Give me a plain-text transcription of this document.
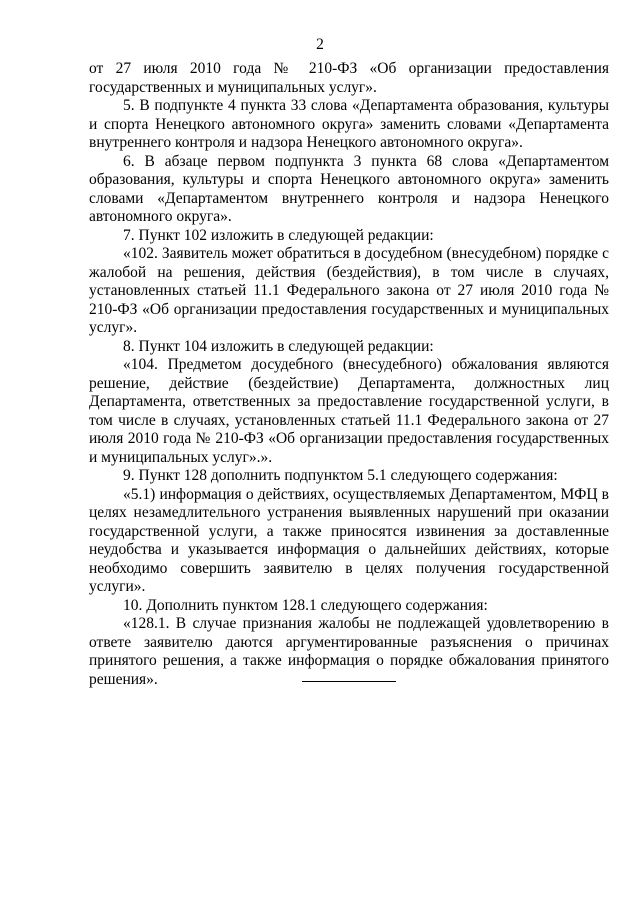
2

от 27 июля 2010 года № 210-ФЗ «Об организации предоставления государственных и муниципальных услуг».

5. В подпункте 4 пункта 33 слова «Департамента образования, культуры и спорта Ненецкого автономного округа» заменить словами «Департамента внутреннего контроля и надзора Ненецкого автономного округа».

6. В абзаце первом подпункта 3 пункта 68 слова «Департаментом образования, культуры и спорта Ненецкого автономного округа» заменить словами «Департаментом внутреннего контроля и надзора Ненецкого автономного округа».

7. Пункт 102 изложить в следующей редакции:

«102. Заявитель может обратиться в досудебном (внесудебном) порядке с жалобой на решения, действия (бездействия), в том числе в случаях, установленных статьей 11.1 Федерального закона от 27 июля 2010 года № 210-ФЗ «Об организации предоставления государственных и муниципальных услуг».

8. Пункт 104 изложить в следующей редакции:

«104. Предметом досудебного (внесудебного) обжалования являются решение, действие (бездействие) Департамента, должностных лиц Департамента, ответственных за предоставление государственной услуги, в том числе в случаях, установленных статьей 11.1 Федерального закона от 27 июля 2010 года № 210-ФЗ «Об организации предоставления государственных и муниципальных услуг».».

9. Пункт 128 дополнить подпунктом 5.1 следующего содержания:

«5.1) информация о действиях, осуществляемых Департаментом, МФЦ в целях незамедлительного устранения выявленных нарушений при оказании государственной услуги, а также приносятся извинения за доставленные неудобства и указывается информация о дальнейших действиях, которые необходимо совершить заявителю в целях получения государственной услуги».

10. Дополнить пунктом 128.1 следующего содержания:

«128.1. В случае признания жалобы не подлежащей удовлетворению в ответе заявителю даются аргументированные разъяснения о причинах принятого решения, а также информация о порядке обжалования принятого решения».
